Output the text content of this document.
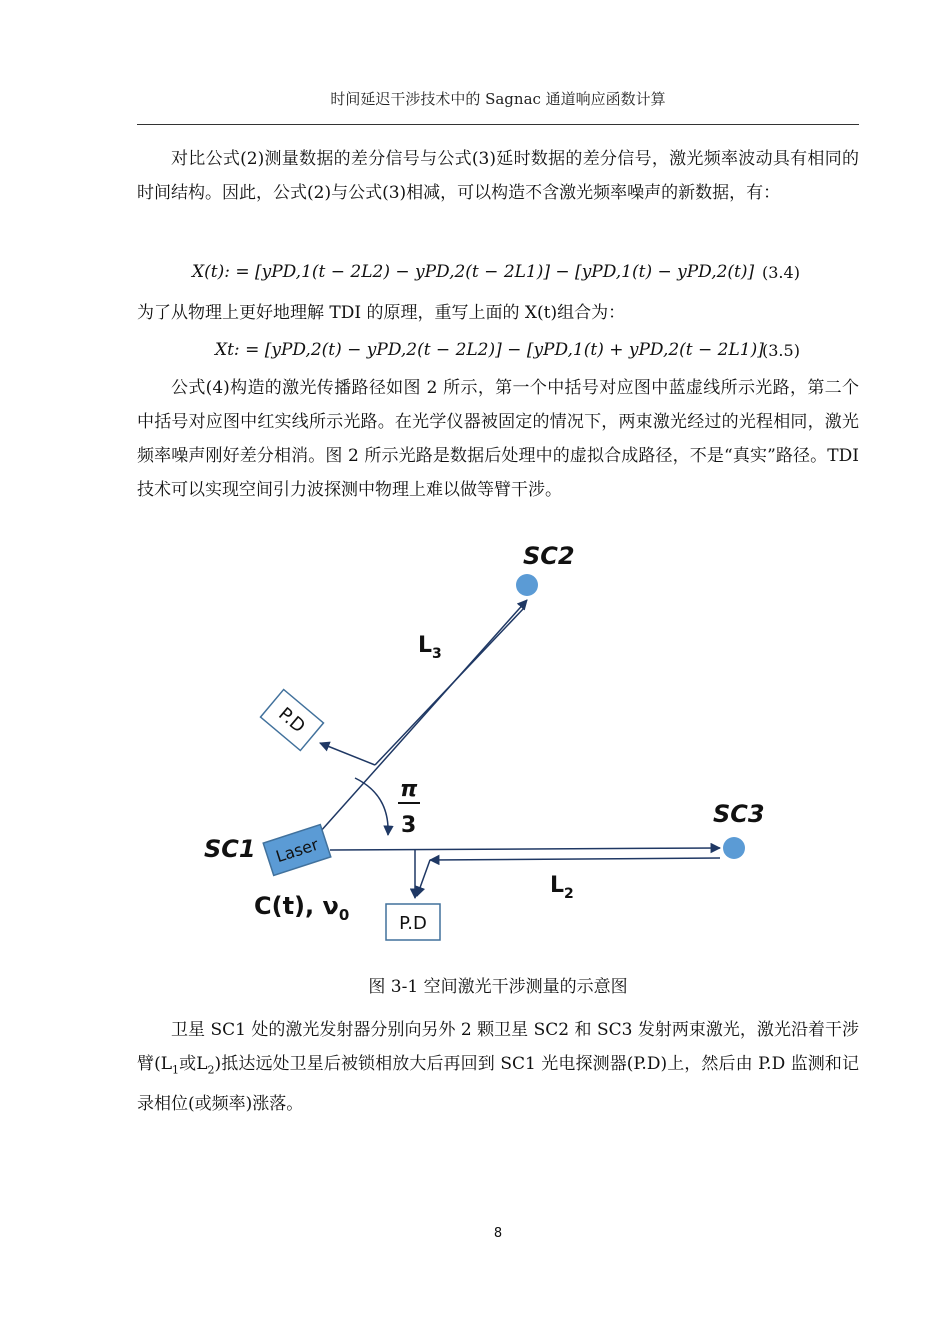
时间延迟干涉技术中的 Sagnac 通道响应函数计算

对比公式(2)测量数据的差分信号与公式(3)延时数据的差分信号，激光频率波动具有相同的时间结构。因此，公式(2)与公式(3)相减，可以构造不含激光频率噪声的新数据，有：

X(t): = [yPD,1(t − 2L2) − yPD,2(t − 2L1)] − [yPD,1(t) − yPD,2(t)] (3.4)

为了从物理上更好地理解 TDI 的原理，重写上面的 X(t)组合为：

Xt: = [yPD,2(t) − yPD,2(t − 2L2)] − [yPD,1(t) + yPD,2(t − 2L1)]
(3.5)

公式(4)构造的激光传播路径如图 2 所示，第一个中括号对应图中蓝虚线所示光路，第二个中括号对应图中红实线所示光路。在光学仪器被固定的情况下，两束激光经过的光程相同，激光频率噪声刚好差分相消。图 2 所示光路是数据后处理中的虚拟合成路径，不是“真实”路径。TDI 技术可以实现空间引力波探测中物理上难以做等臂干涉。

SC2
SC3
π
3
$L_3$
$L_2$
P.D
P.D
Laser
SC1
C(t), $\nu_0$
图 3-1 空间激光干涉测量的示意图

卫星 SC1 处的激光发射器分别向另外 2 颗卫星 SC2 和 SC3 发射两束激光，激光沿着干涉臂($L_1$或$L_2$)抵达远处卫星后被锁相放大后再回到 SC1 光电探测器(P.D)上，然后由 P.D 监测和记录相位(或频率)涨落。

8
